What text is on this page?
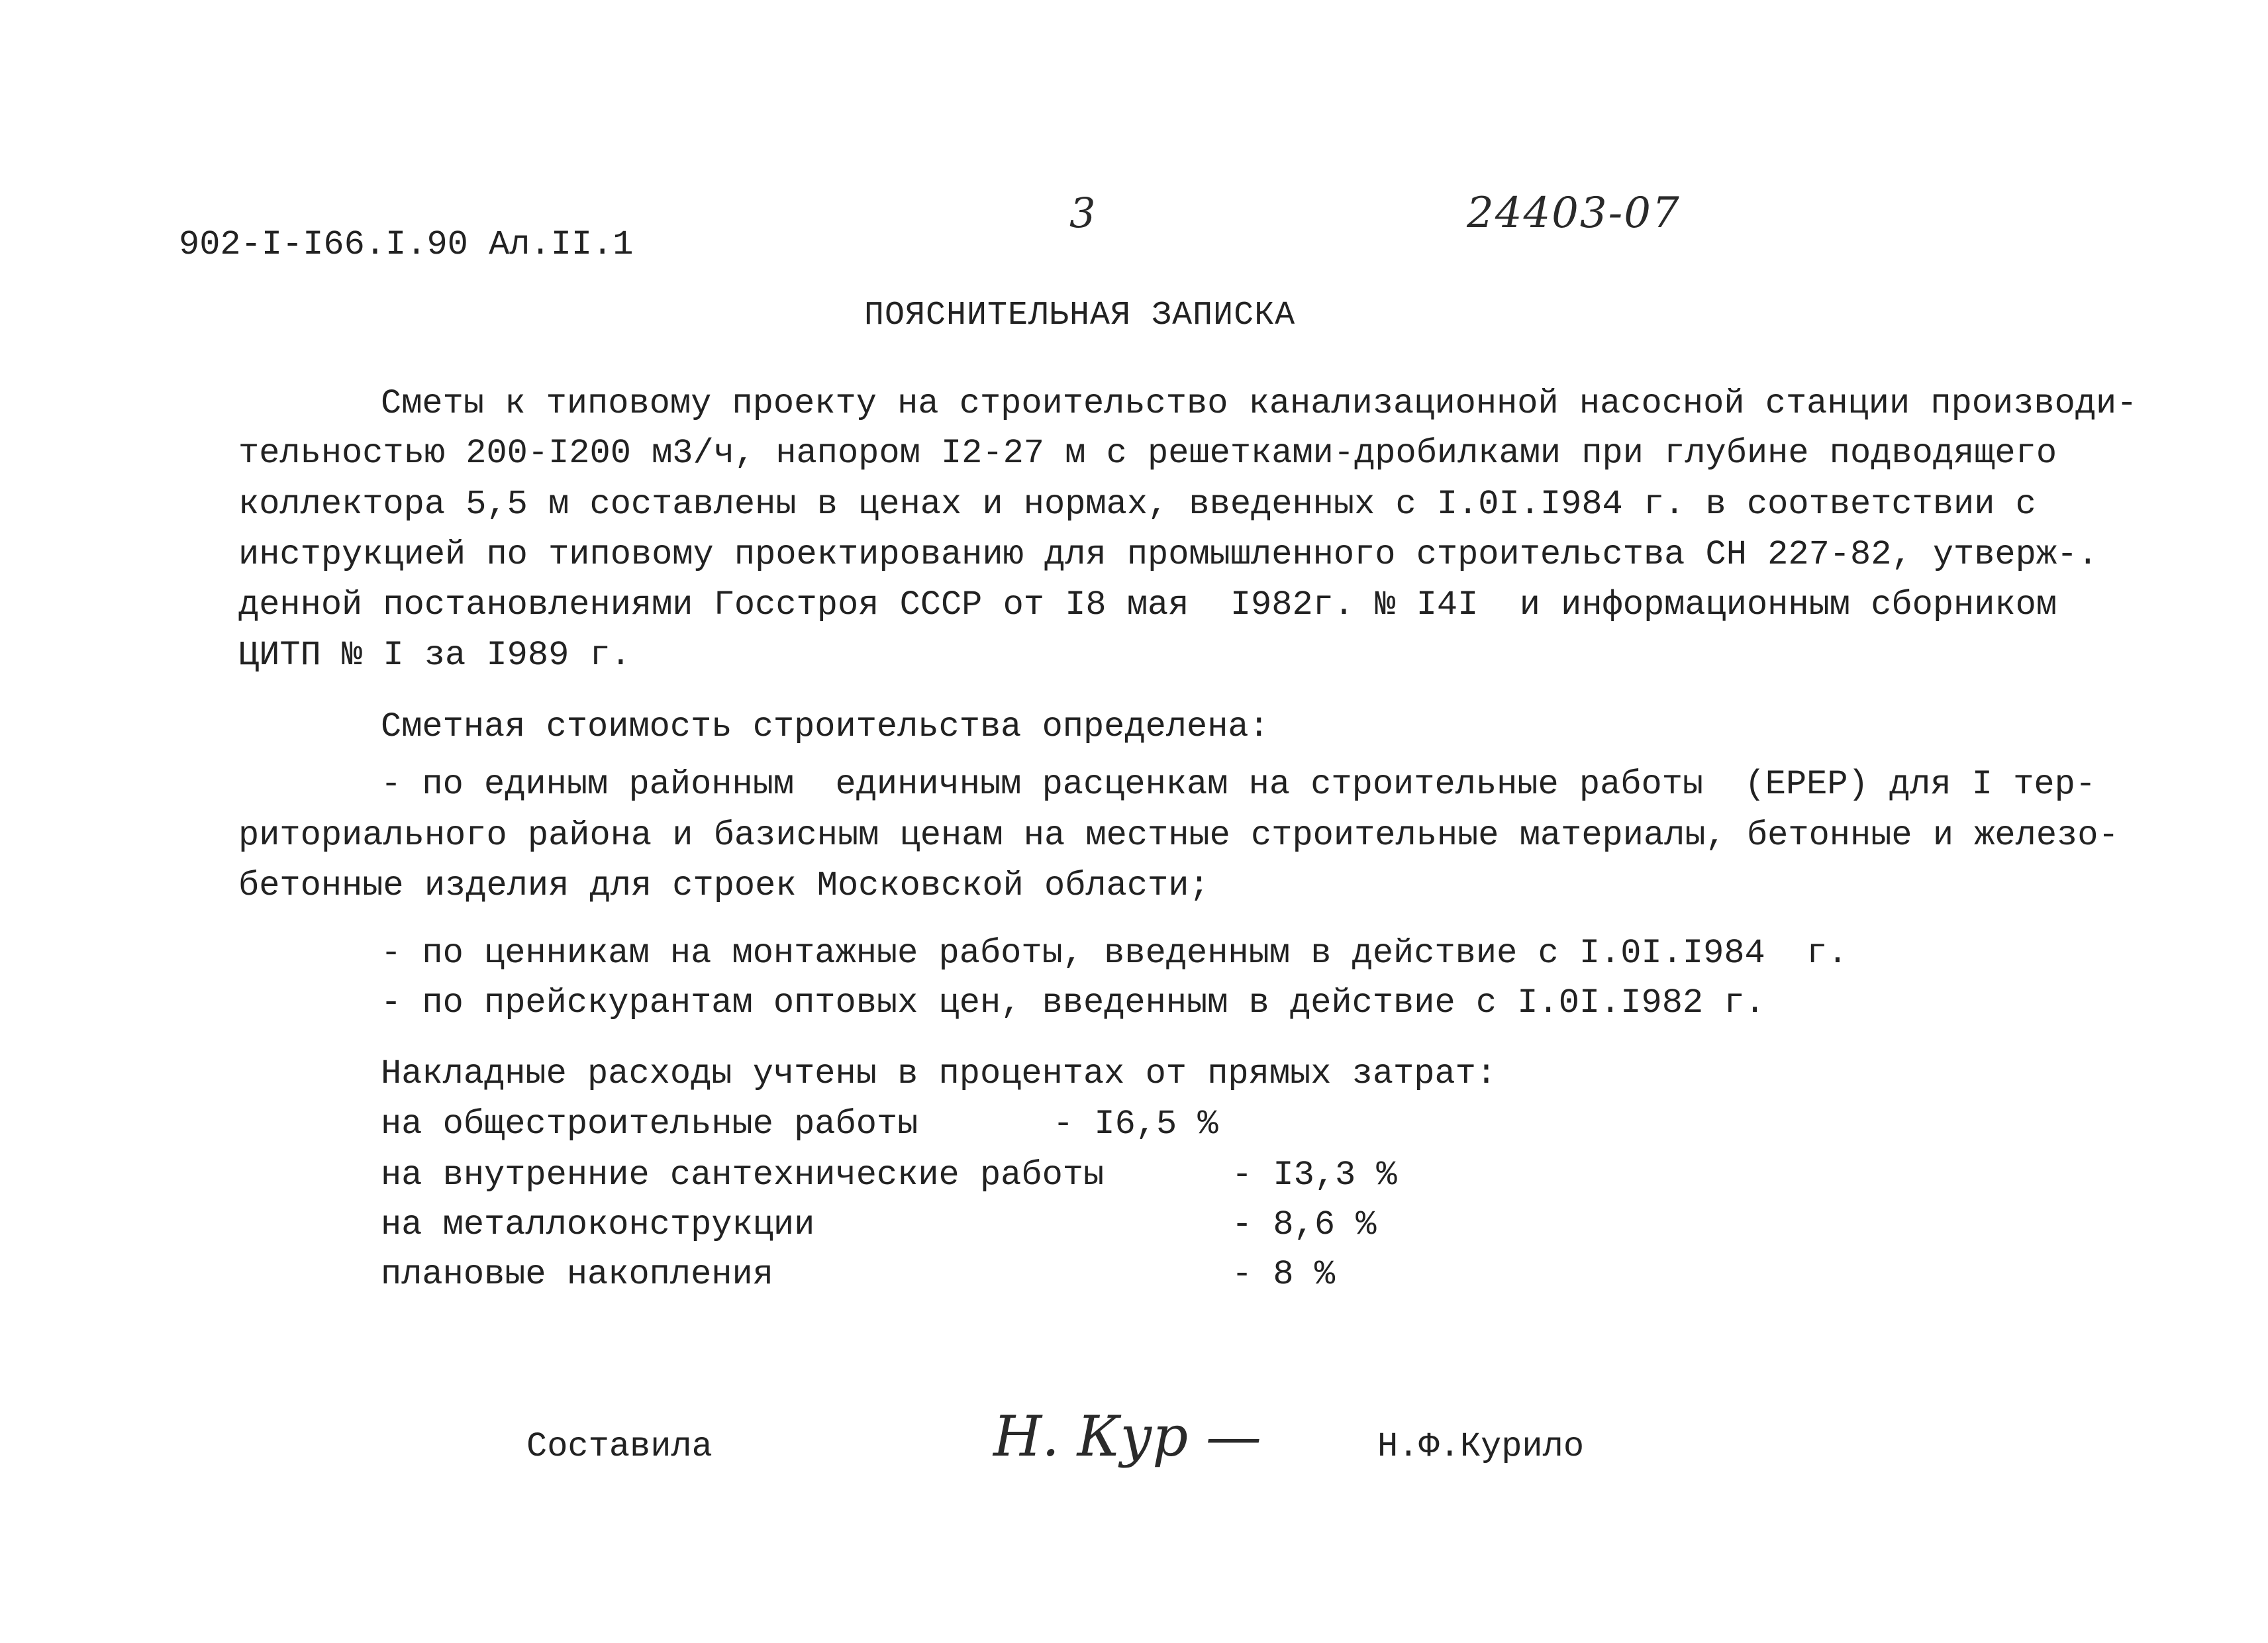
902-I-I66.I.90 Ал.II.1
3	24403-07
ПОЯСНИТЕЛЬНАЯ ЗАПИСКА
Сметы к типовому проекту на строительство канализационной насосной станции производи-
тельностью 200-I200 м3/ч, напором I2-27 м с решетками-дробилками при глубине подводящего
коллектора 5,5 м составлены в ценах и нормах, введенных с I.0I.I984 г. в соответствии с
инструкцией по типовому проектированию для промышленного строительства СН 227-82, утверж-.
денной постановлениями Госстроя СССР от I8 мая  I982г. № I4I  и информационным сборником
ЦИТП № I за I989 г.
Сметная стоимость строительства определена:
- по единым районным  единичным расценкам на строительные работы  (ЕРЕР) для I тер-
риториального района и базисным ценам на местные строительные материалы, бетонные и железо-
бетонные изделия для строек Московской области;
- по ценникам на монтажные работы, введенным в действие с I.0I.I984  г.
- по прейскурантам оптовых цен, введенным в действие с I.0I.I982 г.
Накладные расходы учтены в процентах от прямых затрат:
на общестроительные работы	- I6,5 %
на внутренние сантехнические работы	- I3,3 %
на металлоконструкции	- 8,6 %
плановые накопления	- 8 %
Составила	Н. Кур —	Н.Ф.Курило
